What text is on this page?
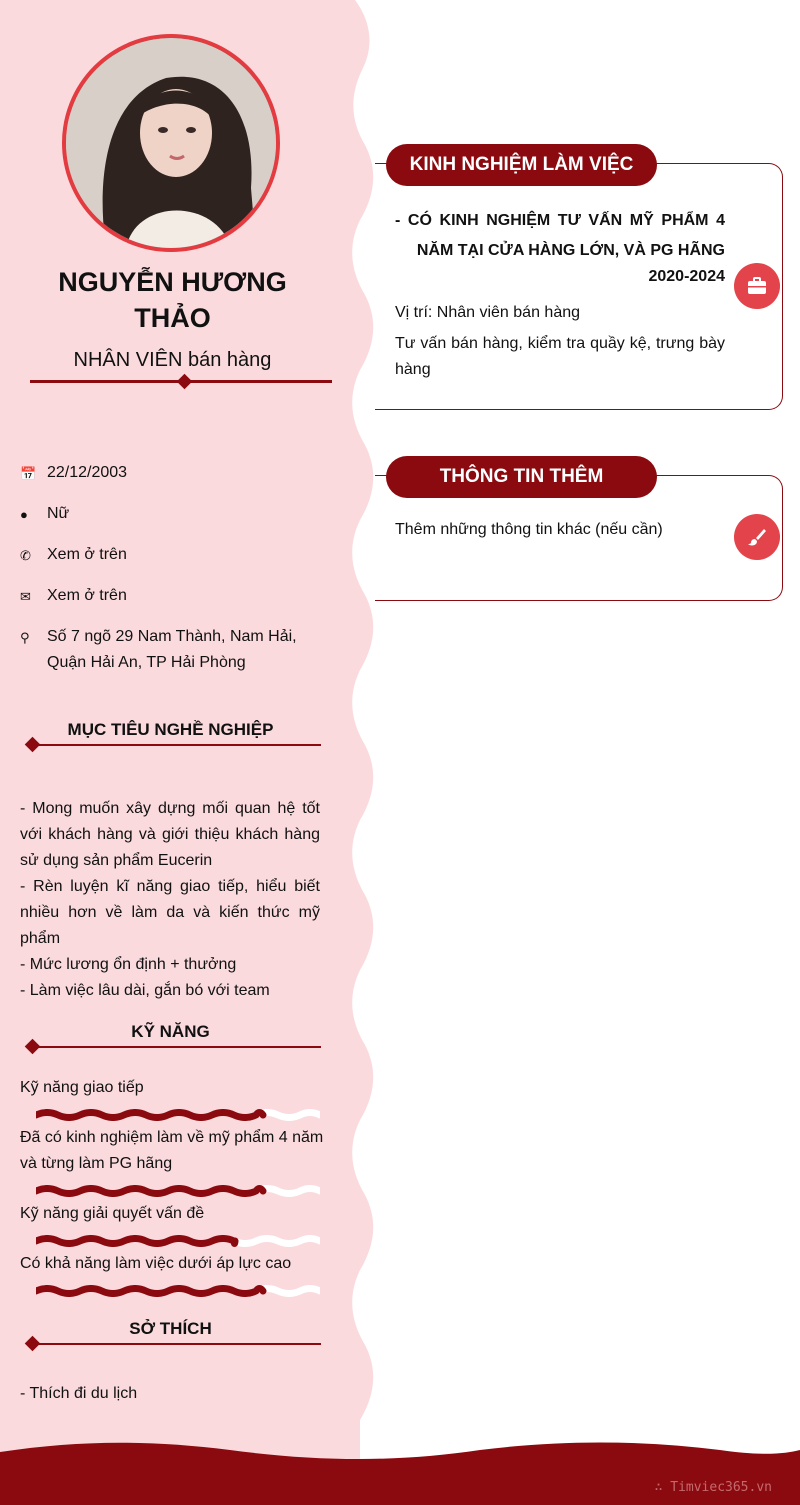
NGUYỄN HƯƠNG THẢO
NHÂN VIÊN bán hàng
📅 22/12/2003
●	Nữ
✆	Xem ở trên
✉	Xem ở trên
⚲	Số 7 ngõ 29 Nam Thành, Nam Hải, Quận Hải An, TP Hải Phòng
MỤC TIÊU NGHỀ NGHIỆP
- Mong muốn xây dựng mối quan hệ tốt với khách hàng và giới thiệu khách hàng sử dụng sản phẩm Eucerin
- Rèn luyện kĩ năng giao tiếp, hiểu biết nhiều hơn về làm da và kiến thức mỹ phẩm
- Mức lương ổn định + thưởng
- Làm việc lâu dài, gắn bó với team
KỸ NĂNG
Kỹ năng giao tiếp
Đã có kinh nghiệm làm về mỹ phẩm 4 năm và từng làm PG hãng
Kỹ năng giải quyết vấn đề
Có khả năng làm việc dưới áp lực cao
SỞ THÍCH
- Thích đi du lịch
KINH NGHIỆM LÀM VIỆC
- CÓ KINH NGHIỆM TƯ VẤN MỸ PHẨM 4 NĂM TẠI CỬA HÀNG LỚN, VÀ PG HÃNG
2020-2024
Vị trí: Nhân viên bán hàng
Tư vấn bán hàng, kiểm tra quầy kệ, trưng bày hàng
THÔNG TIN THÊM
Thêm những thông tin khác (nếu cần)
∴ Timviec365.vn
